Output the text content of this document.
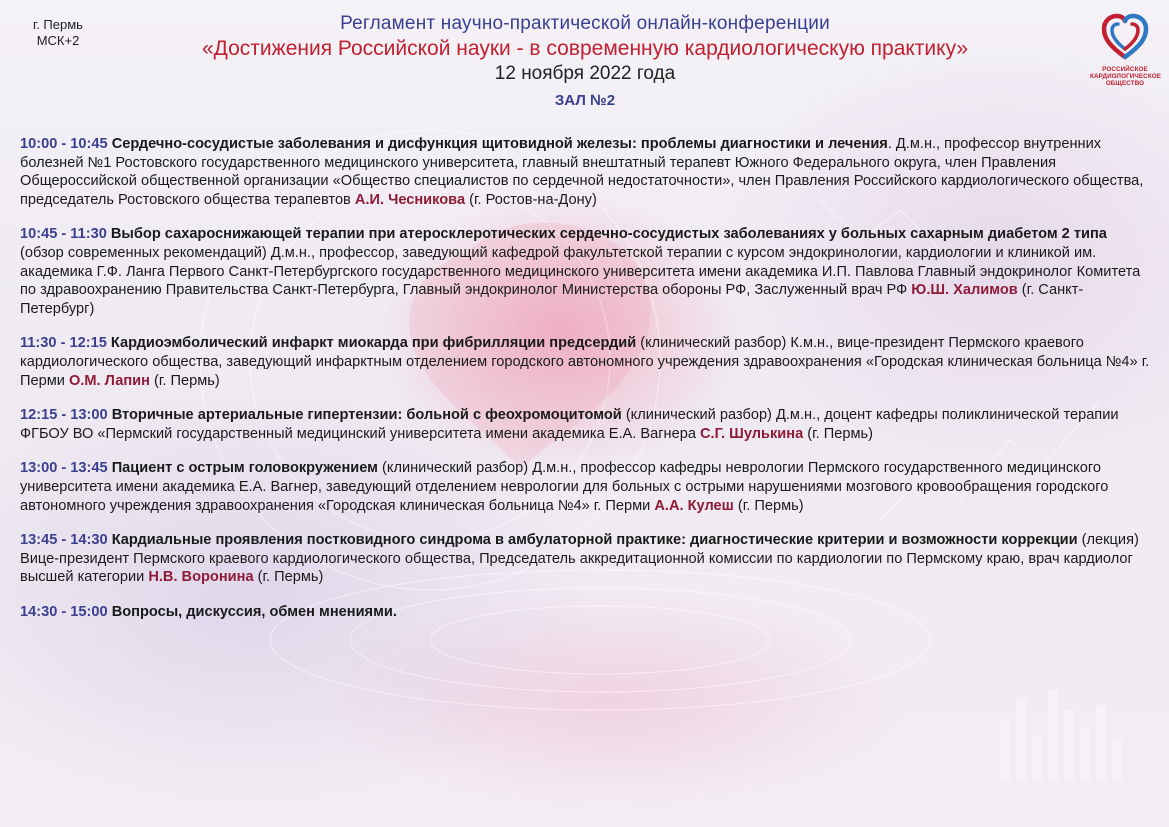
г. Пермь
МСК+2
Регламент научно-практической онлайн-конференции
«Достижения Российской науки - в современную кардиологическую практику»
12 ноября 2022 года
ЗАЛ №2
РОССИЙСКОЕ КАРДИОЛОГИЧЕСКОЕ ОБЩЕСТВО
10:00 - 10:45 Сердечно-сосудистые заболевания и дисфункция щитовидной железы: проблемы диагностики и лечения. Д.м.н., профессор внутренних болезней №1 Ростовского государственного медицинского университета, главный внештатный терапевт Южного Федерального округа, член Правления Общероссийской общественной организации «Общество специалистов по сердечной недостаточности», член Правления Российского кардиологического общества, председатель Ростовского общества терапевтов А.И. Чесникова (г. Ростов-на-Дону)
10:45 - 11:30 Выбор сахароснижающей терапии при атеросклеротических сердечно-сосудистых заболеваниях у больных сахарным диабетом 2 типа (обзор современных рекомендаций) Д.м.н., профессор, заведующий кафедрой факультетской терапии с курсом эндокринологии, кардиологии и клиникой им. академика Г.Ф. Ланга Первого Санкт-Петербургского государственного медицинского университета имени академика И.П. Павлова Главный эндокринолог Комитета по здравоохранению Правительства Санкт-Петербурга, Главный эндокринолог Министерства обороны РФ, Заслуженный врач РФ Ю.Ш. Халимов (г. Санкт-Петербург)
11:30 - 12:15 Кардиоэмболический инфаркт миокарда при фибрилляции предсердий (клинический разбор) К.м.н., вице-президент Пермского краевого кардиологического общества, заведующий инфарктным отделением городского автономного учреждения здравоохранения «Городская клиническая больница №4» г. Перми О.М. Лапин (г. Пермь)
12:15 - 13:00 Вторичные артериальные гипертензии: больной с феохромоцитомой (клинический разбор) Д.м.н., доцент кафедры поликлинической терапии ФГБОУ ВО «Пермский государственный медицинский университета имени академика Е.А. Вагнера С.Г. Шулькина (г. Пермь)
13:00 - 13:45 Пациент с острым головокружением (клинический разбор) Д.м.н., профессор кафедры неврологии Пермского государственного медицинского университета имени академика Е.А. Вагнер, заведующий отделением неврологии для больных с острыми нарушениями мозгового кровообращения городского автономного учреждения здравоохранения «Городская клиническая больница №4» г. Перми А.А. Кулеш (г. Пермь)
13:45 - 14:30 Кардиальные проявления постковидного синдрома в амбулаторной практике: диагностические критерии и возможности коррекции (лекция) Вице-президент Пермского краевого кардиологического общества, Председатель аккредитационной комиссии по кардиологии по Пермскому краю, врач кардиолог высшей категории Н.В. Воронина (г. Пермь)
14:30 - 15:00 Вопросы, дискуссия, обмен мнениями.
